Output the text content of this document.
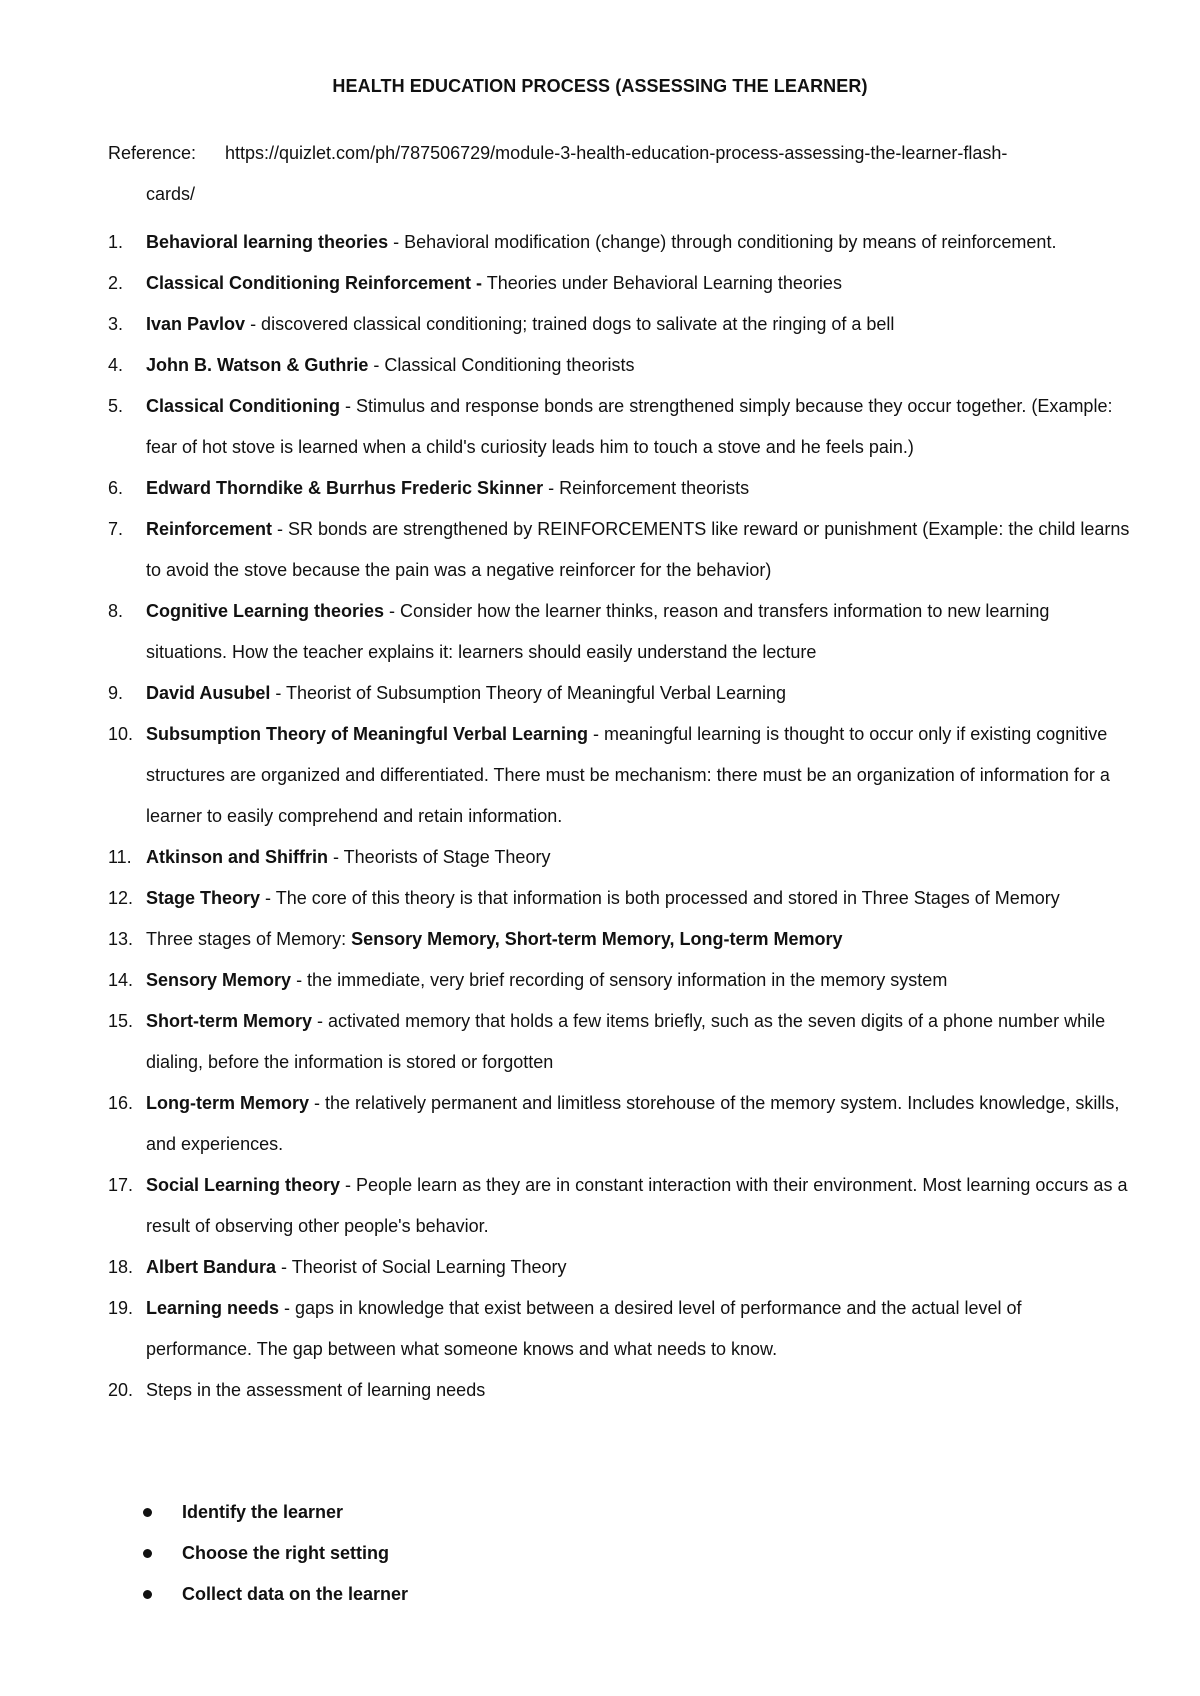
HEALTH EDUCATION PROCESS (ASSESSING THE LEARNER)
Reference: https://quizlet.com/ph/787506729/module-3-health-education-process-assessing-the-learner-flash-
cards/
1.	Behavioral learning theories - Behavioral modification (change) through conditioning by means of reinforcement.
2.	Classical Conditioning Reinforcement - Theories under Behavioral Learning theories
3.	Ivan Pavlov - discovered classical conditioning; trained dogs to salivate at the ringing of a bell
4.	John B. Watson & Guthrie - Classical Conditioning theorists
5.	Classical Conditioning - Stimulus and response bonds are strengthened simply because they occur together. (Example: fear of hot stove is learned when a child's curiosity leads him to touch a stove and he feels pain.)
6.	Edward Thorndike & Burrhus Frederic Skinner - Reinforcement theorists
7.	Reinforcement - SR bonds are strengthened by REINFORCEMENTS like reward or punishment (Example: the child learns to avoid the stove because the pain was a negative reinforcer for the behavior)
8.	Cognitive Learning theories - Consider how the learner thinks, reason and transfers information to new learning situations. How the teacher explains it: learners should easily understand the lecture
9.	David Ausubel - Theorist of Subsumption Theory of Meaningful Verbal Learning
10. Subsumption Theory of Meaningful Verbal Learning - meaningful learning is thought to occur only if existing cognitive structures are organized and differentiated. There must be mechanism: there must be an organization of information for a learner to easily comprehend and retain information.
11. Atkinson and Shiffrin - Theorists of Stage Theory
12. Stage Theory - The core of this theory is that information is both processed and stored in Three Stages of Memory
13. Three stages of Memory: Sensory Memory, Short-term Memory, Long-term Memory
14. Sensory Memory - the immediate, very brief recording of sensory information in the memory system
15. Short-term Memory - activated memory that holds a few items briefly, such as the seven digits of a phone number while dialing, before the information is stored or forgotten
16. Long-term Memory - the relatively permanent and limitless storehouse of the memory system. Includes knowledge, skills, and experiences.
17. Social Learning theory - People learn as they are in constant interaction with their environment. Most learning occurs as a result of observing other people's behavior.
18. Albert Bandura - Theorist of Social Learning Theory
19. Learning needs - gaps in knowledge that exist between a desired level of performance and the actual level of performance. The gap between what someone knows and what needs to know.
20. Steps in the assessment of learning needs
Identify the learner
Choose the right setting
Collect data on the learner
